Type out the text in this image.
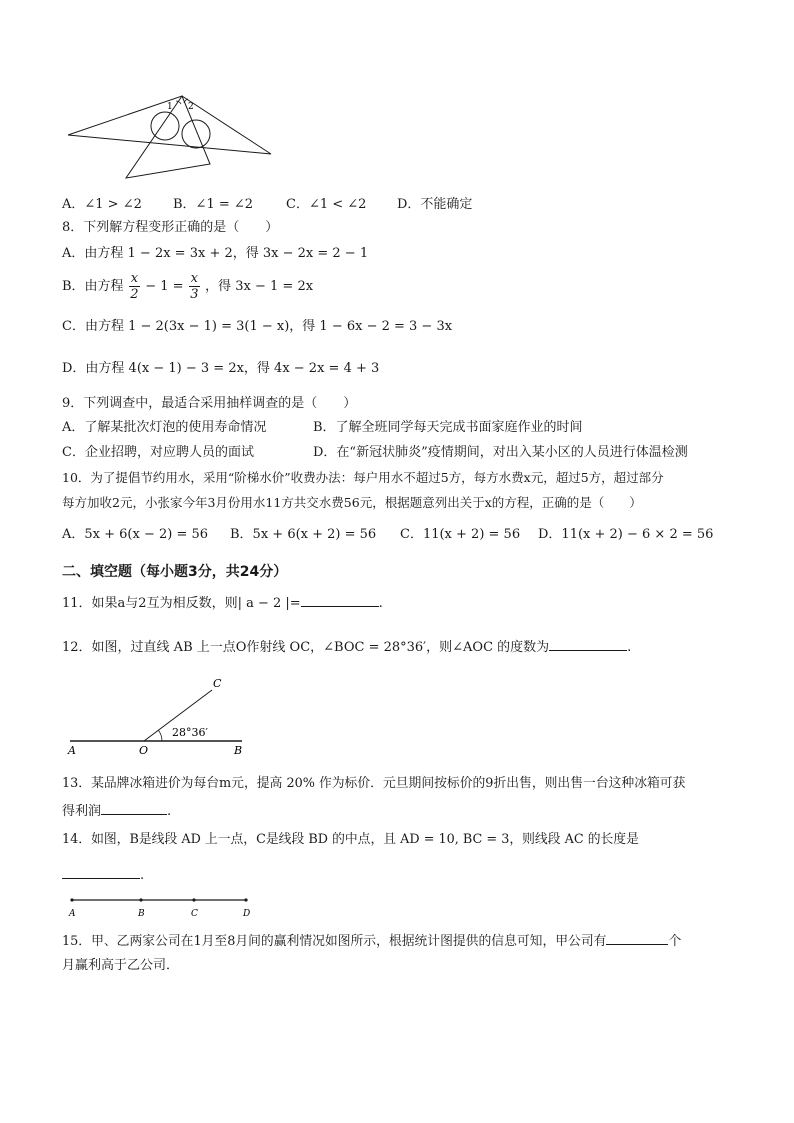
1 2
A．∠1 > ∠2 B．∠1 = ∠2	C．∠1 < ∠2 D．不能确定
8．下列解方程变形正确的是（　　）
A．由方程 1 − 2x = 3x + 2，得 3x − 2x = 2 − 1
B．由方程 $\frac{x}{2} - 1 = \frac{x}{3}$ ，得 3x − 1 = 2x
C．由方程 1 − 2(3x − 1) = 3(1 − x)，得 1 − 6x − 2 = 3 − 3x
D．由方程 4(x − 1) − 3 = 2x，得 4x − 2x = 4 + 3
9．下列调查中，最适合采用抽样调查的是（　　）
A．了解某批次灯泡的使用寿命情况	B．了解全班同学每天完成书面家庭作业的时间
C．企业招聘，对应聘人员的面试	D．在“新冠状肺炎”疫情期间，对出入某小区的人员进行体温检测
10．为了提倡节约用水，采用“阶梯水价”收费办法：每户用水不超过5方，每方水费x元，超过5方，超过部分
每方加收2元，小张家今年3月份用水11方共交水费56元，根据题意列出关于x的方程，正确的是（　　）
A．5x + 6(x − 2) = 56 B．5x + 6(x + 2) = 56 C．11(x + 2) = 56 D．11(x + 2) − 6 × 2 = 56
二、填空题（每小题3分，共24分）
11．如果a与2互为相反数，则| a − 2 |=	.
12．如图，过直线 AB 上一点O作射线 OC，∠BOC = 28°36′，则∠AOC 的度数为	.
C
28°36′
A	O	B
13．某品牌冰箱进价为每台m元，提高 20% 作为标价．元旦期间按标价的9折出售，则出售一台这种冰箱可获
得利润	.
14．如图，B是线段 AD 上一点，C是线段 BD 的中点，且 AD = 10, BC = 3，则线段 AC 的长度是
.
A	B	C	D
15．甲、乙两家公司在1月至8月间的赢利情况如图所示，根据统计图提供的信息可知，甲公司有	个
月赢利高于乙公司．
